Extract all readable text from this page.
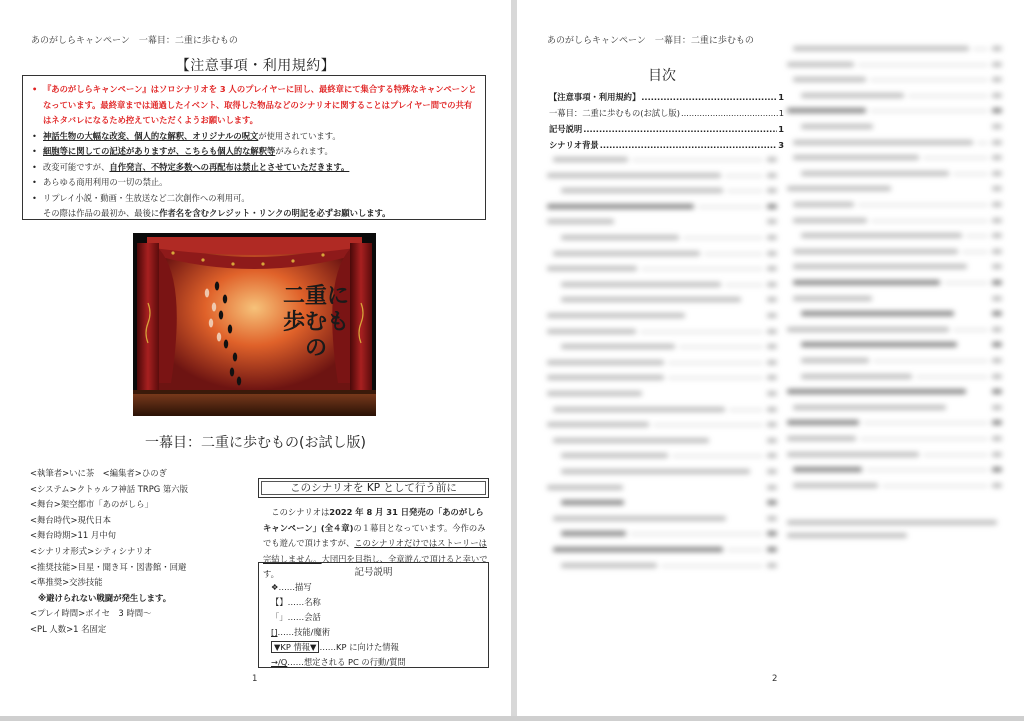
あのがしらキャンペーン　一幕目：二重に歩むもの
【注意事項・利用規約】
• 『あのがしらキャンペーン』はソロシナリオを 3 人のプレイヤーに回し、最終章にて集合する特殊なキャンペーンとなっています。最終章までは通過したイベント、取得した物品などのシナリオに関することはプレイヤー間での共有はネタバレになるため控えていただくようお願いします。
• 神話生物の大幅な改変、個人的な解釈、オリジナルの呪文が使用されています。
• 細胞等に関しての記述がありますが、こちらも個人的な解釈等がみられます。
• 改変可能ですが、自作発言、不特定多数への再配布は禁止とさせていただきます。
• あらゆる商用利用の一切の禁止。
• リプレイ小説・動画・生放送など二次創作への利用可。
その際は作品の最初か、最後に作者名を含むクレジット・リンクの明記を必ずお願いします。
二重に
歩むもの
一幕目：二重に歩むもの(お試し版)
<執筆者>いに茶　<編集者>ひのぎ
<システム>クトゥルフ神話 TRPG 第六版
<舞台>架空都市「あのがしら」
<舞台時代>現代日本
<舞台時期>11 月中旬
<シナリオ形式>シティシナリオ
<推奨技能>目星・聞き耳・図書館・回避
<準推奨>交渉技能
※避けられない戦闘が発生します。
<プレイ時間>ボイセ　3 時間〜
<PL 人数>1 名固定
このシナリオを KP として行う前に
このシナリオは2022 年 8 月 31 日発売の「あのがしらキャンペーン」(全４章)の１幕目となっています。今作のみでも遊んで頂けますが、このシナリオだけではストーリーは完結しません。大団円を目指し、全章遊んで頂けると幸いです。	記号説明
❖……描写
【】……名称
「」……会話
[]……技能/魔術
▼KP 情報▼ ……KP に向けた情報
→/Q……想定される PC の行動/質問
1
あのがしらキャンペーン　一幕目：二重に歩むもの
目次
【注意事項・利用規約】 .....	1
一幕目：二重に歩むもの(お試し版) .....	1
記号説明 .....	1
シナリオ背景 .....	3
2
